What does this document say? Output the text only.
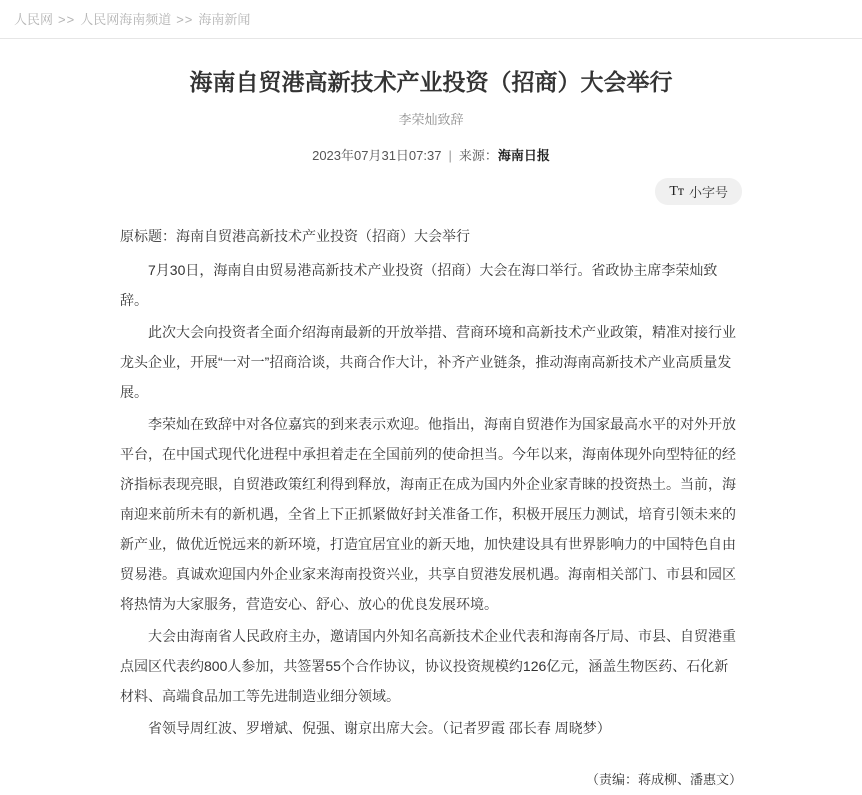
人民网 >> 人民网海南频道 >> 海南新闻
海南自贸港高新技术产业投资（招商）大会举行
李荣灿致辞
2023年07月31日07:37 | 来源：海南日报
Tᴛ 小字号

原标题：海南自贸港高新技术产业投资（招商）大会举行

7月30日，海南自由贸易港高新技术产业投资（招商）大会在海口举行。省政协主席李荣灿致辞。

此次大会向投资者全面介绍海南最新的开放举措、营商环境和高新技术产业政策，精准对接行业龙头企业，开展“一对一”招商洽谈，共商合作大计，补齐产业链条，推动海南高新技术产业高质量发展。

李荣灿在致辞中对各位嘉宾的到来表示欢迎。他指出，海南自贸港作为国家最高水平的对外开放平台，在中国式现代化进程中承担着走在全国前列的使命担当。今年以来，海南体现外向型特征的经济指标表现亮眼，自贸港政策红利得到释放，海南正在成为国内外企业家青睐的投资热土。当前，海南迎来前所未有的新机遇，全省上下正抓紧做好封关准备工作，积极开展压力测试，培育引领未来的新产业，做优近悦远来的新环境，打造宜居宜业的新天地，加快建设具有世界影响力的中国特色自由贸易港。真诚欢迎国内外企业家来海南投资兴业，共享自贸港发展机遇。海南相关部门、市县和园区将热情为大家服务，营造安心、舒心、放心的优良发展环境。

大会由海南省人民政府主办，邀请国内外知名高新技术企业代表和海南各厅局、市县、自贸港重点园区代表约800人参加，共签署55个合作协议，协议投资规模约126亿元，涵盖生物医药、石化新材料、高端食品加工等先进制造业细分领域。

省领导周红波、罗增斌、倪强、谢京出席大会。（记者罗霞 邵长春 周晓梦）

（责编：蒋成柳、潘惠文）
